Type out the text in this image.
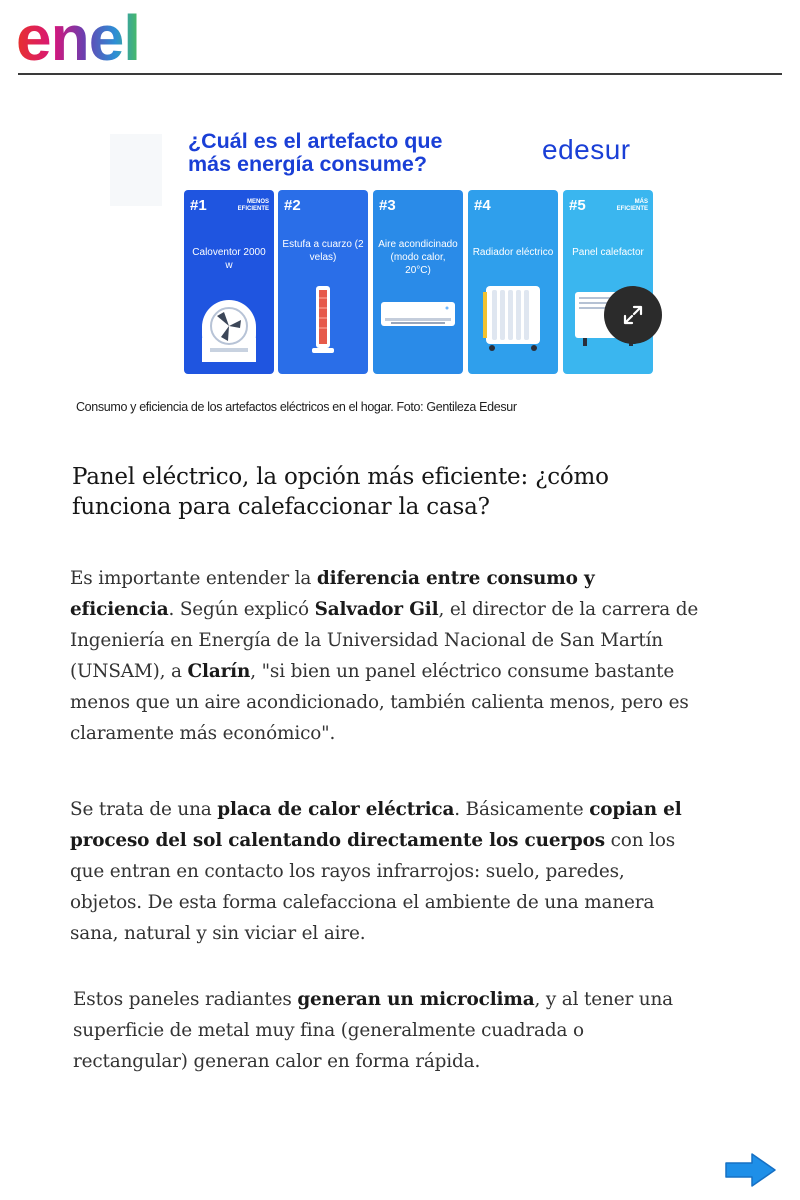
enel
¿Cuál es el artefacto que
más energía consume?	edesur
#1	MENOS
EFICIENTE
Caloventor 2000 w
#2
Estufa a cuarzo (2 velas)
#3
Aire acondicinado (modo calor, 20°C)
#4
Radiador eléctrico
#5	MÁS
EFICIENTE
Panel calefactor

Consumo y eficiencia de los artefactos eléctricos en el hogar. Foto: Gentileza Edesur

Panel eléctrico, la opción más eficiente: ¿cómo funciona para calefaccionar la casa?

Es importante entender la diferencia entre consumo y eficiencia. Según explicó Salvador Gil, el director de la carrera de Ingeniería en Energía de la Universidad Nacional de San Martín (UNSAM), a Clarín, "si bien un panel eléctrico consume bastante menos que un aire acondicionado, también calienta menos, pero es claramente más económico".

Se trata de una placa de calor eléctrica. Básicamente copian el proceso del sol calentando directamente los cuerpos con los que entran en contacto los rayos infrarrojos: suelo, paredes, objetos. De esta forma calefacciona el ambiente de una manera sana, natural y sin viciar el aire.

Estos paneles radiantes generan un microclima, y al tener una superficie de metal muy fina (generalmente cuadrada o rectangular) generan calor en forma rápida.
